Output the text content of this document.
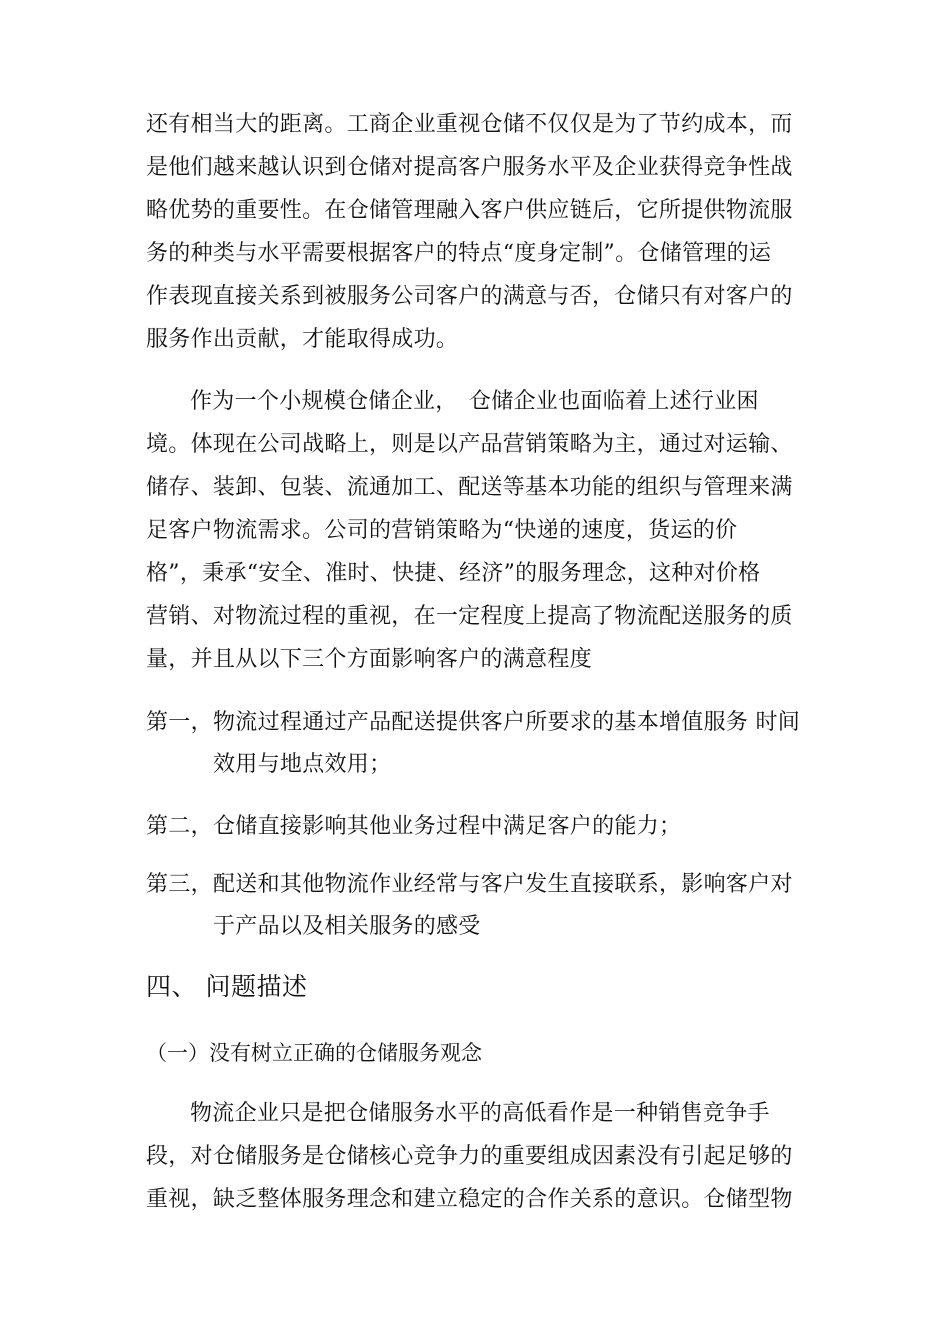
还有相当大的距离。工商企业重视仓储不仅仅是为了节约成本，而
是他们越来越认识到仓储对提高客户服务水平及企业获得竞争性战
略优势的重要性。在仓储管理融入客户供应链后，它所提供物流服
务的种类与水平需要根据客户的特点“度身定制”。仓储管理的运
作表现直接关系到被服务公司客户的满意与否，仓储只有对客户的
服务作出贡献，才能取得成功。
作为一个小规模仓储企业，　仓储企业也面临着上述行业困
境。体现在公司战略上，则是以产品营销策略为主，通过对运输、
储存、装卸、包装、流通加工、配送等基本功能的组织与管理来满
足客户物流需求。公司的营销策略为“快递的速度，货运的价
格”，秉承“安全、准时、快捷、经济”的服务理念，这种对价格
营销、对物流过程的重视，在一定程度上提高了物流配送服务的质
量，并且从以下三个方面影响客户的满意程度
第一， 物流过程通过产品配送提供客户所要求的基本增值服务 时间
效用与地点效用；
第二， 仓储直接影响其他业务过程中满足客户的能力；
第三， 配送和其他物流作业经常与客户发生直接联系，影响客户对
于产品以及相关服务的感受
四、 问题描述
（一）没有树立正确的仓储服务观念
物流企业只是把仓储服务水平的高低看作是一种销售竞争手
段，对仓储服务是仓储核心竞争力的重要组成因素没有引起足够的
重视，缺乏整体服务理念和建立稳定的合作关系的意识。仓储型物
